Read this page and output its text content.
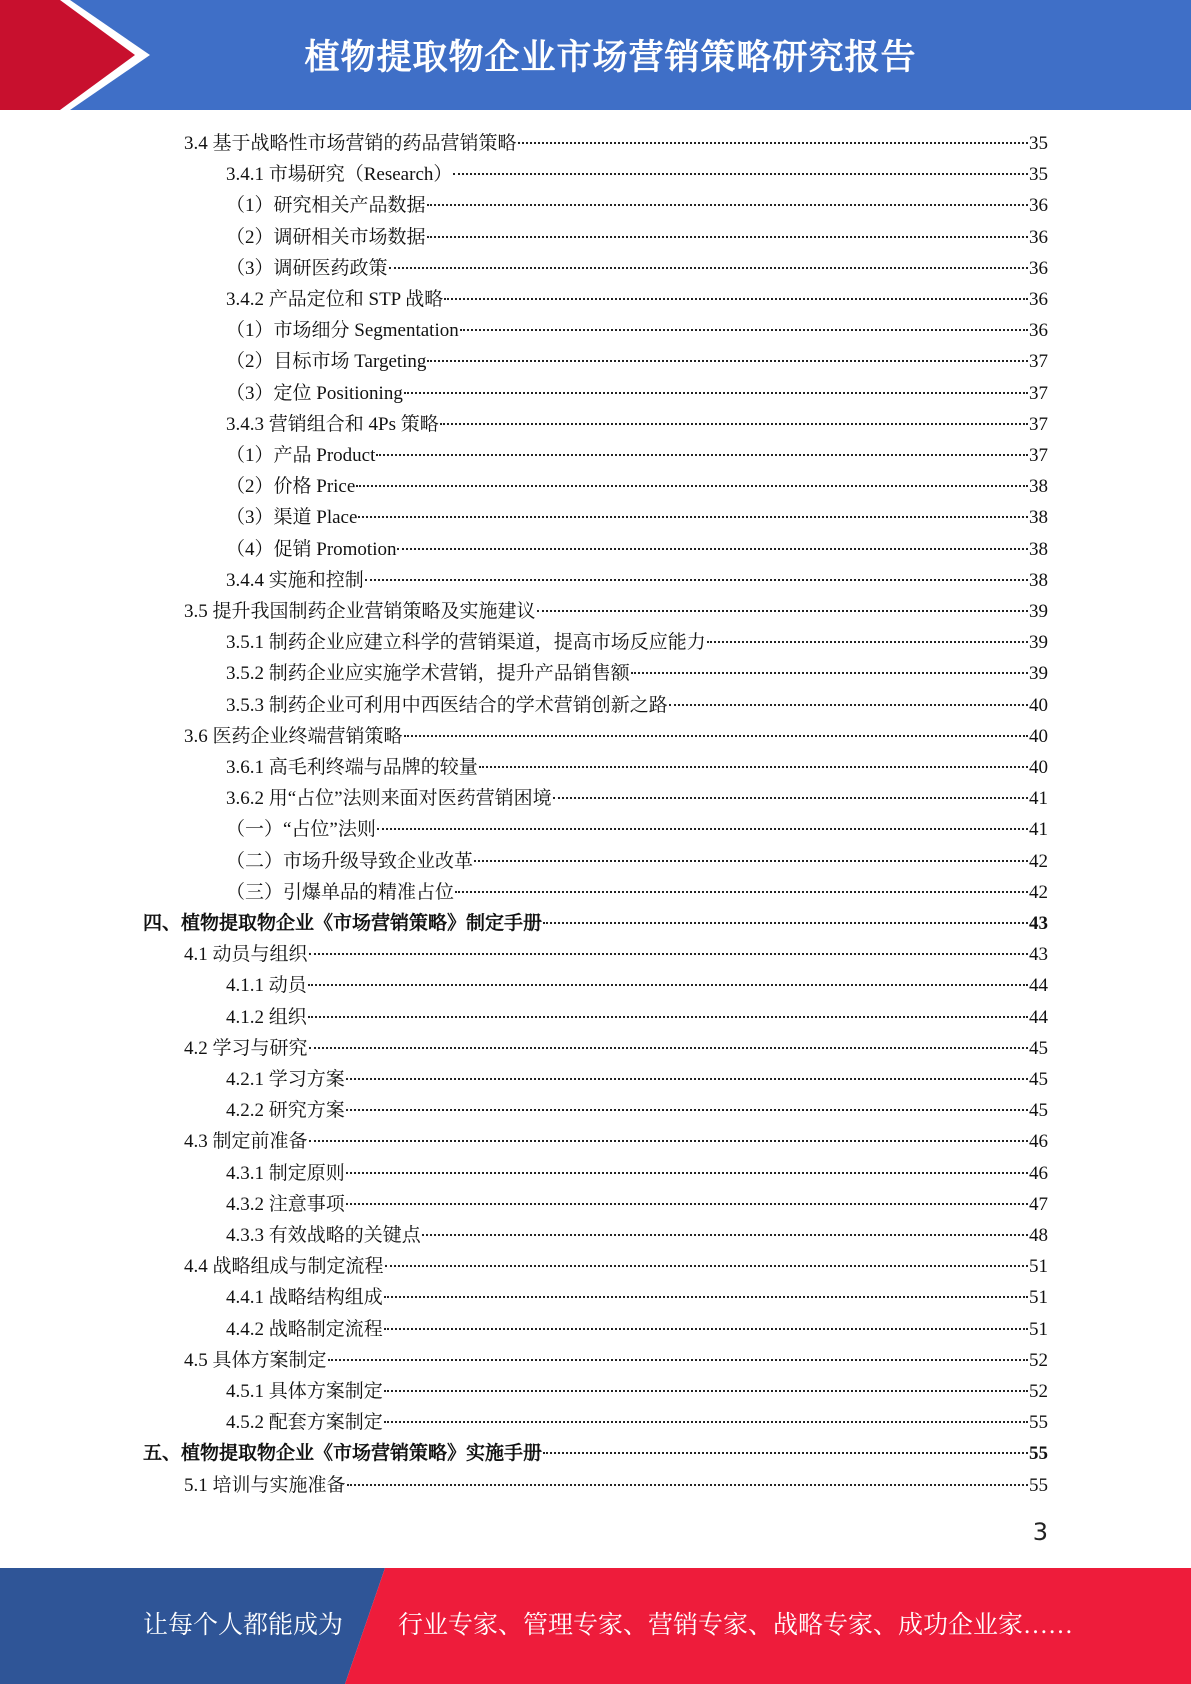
植物提取物企业市场营销策略研究报告
3.4 基于战略性市场营销的药品营销策略	35
3.4.1 市場研究（Research）	35
（1）研究相关产品数据	36
（2）调研相关市场数据	36
（3）调研医药政策	36
3.4.2 产品定位和 STP 战略	36
（1）市场细分 Segmentation	36
（2）目标市场 Targeting	37
（3）定位 Positioning	37
3.4.3 营销组合和 4Ps 策略	37
（1）产品 Product	37
（2）价格 Price	38
（3）渠道 Place	38
（4）促销 Promotion	38
3.4.4 实施和控制	38
3.5 提升我国制药企业营销策略及实施建议	39
3.5.1 制药企业应建立科学的营销渠道，提高市场反应能力	39
3.5.2 制药企业应实施学术营销，提升产品销售额	39
3.5.3 制药企业可利用中西医结合的学术营销创新之路	40
3.6 医药企业终端营销策略	40
3.6.1 高毛利终端与品牌的较量	40
3.6.2 用“占位”法则来面对医药营销困境	41
（一）“占位”法则	41
（二）市场升级导致企业改革	42
（三）引爆单品的精准占位	42
四、植物提取物企业《市场营销策略》制定手册	43
4.1 动员与组织	43
4.1.1 动员	44
4.1.2 组织	44
4.2 学习与研究	45
4.2.1 学习方案	45
4.2.2 研究方案	45
4.3 制定前准备	46
4.3.1 制定原则	46
4.3.2 注意事项	47
4.3.3 有效战略的关键点	48
4.4 战略组成与制定流程	51
4.4.1 战略结构组成	51
4.4.2 战略制定流程	51
4.5 具体方案制定	52
4.5.1 具体方案制定	52
4.5.2 配套方案制定	55
五、植物提取物企业《市场营销策略》实施手册	55
5.1 培训与实施准备	55
3
让每个人都能成为 行业专家、管理专家、营销专家、战略专家、成功企业家……
